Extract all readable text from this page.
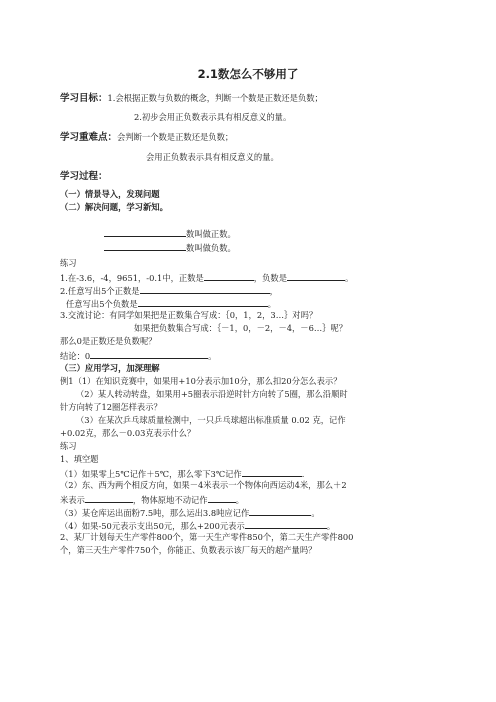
2.1数怎么不够用了
学习目标：1.会根据正数与负数的概念，判断一个数是正数还是负数；
2.初步会用正负数表示具有相反意义的量。
学习重难点：会判断一个数是正数还是负数；
会用正负数表示具有相反意义的量。
学习过程：
（一）情景导入，发现问题
（二）解决问题，学习新知。
数叫做正数。
数叫做负数。
练习
1.在-3.6，-4，9651，-0.1中，正数是	，负数是	。
2.任意写出5个正数是	，
任意写出5个负数是	。
3.交流讨论：有同学如果把是正数集合写成：｛0，1，2，3…｝对吗？
如果把负数集合写成：｛－1，0，－2，－4，－6…｝呢？
那么0是正数还是负数呢？
结论：0	。
（三）应用学习，加深理解
例1（1）在知识竞赛中，如果用+10分表示加10分，那么扣20分怎么表示？
（2）某人转动转盘，如果用+5圈表示沿逆时针方向转了5圈，那么沿顺时
针方向转了12圈怎样表示？
（3）在某次乒乓球质量检测中，一只乒乓球超出标准质量 0.02 克，记作
+0.02克，那么－0.03克表示什么？
练习
1、填空题
（1）如果零上5℃记作＋5℃，那么零下3℃记作	.
（2）东、西为两个相反方向，如果－4米表示一个物体向西运动4米，那么＋2
米表示	，物体原地不动记作	。
（3）某仓库运出面粉7.5吨，那么运出3.8吨应记作	。
（4）如果-50元表示支出50元，那么+200元表示	。
2、某厂计划每天生产零件800个，第一天生产零件850个，第二天生产零件800
个，第三天生产零件750个，你能正、负数表示该厂每天的超产量吗？
